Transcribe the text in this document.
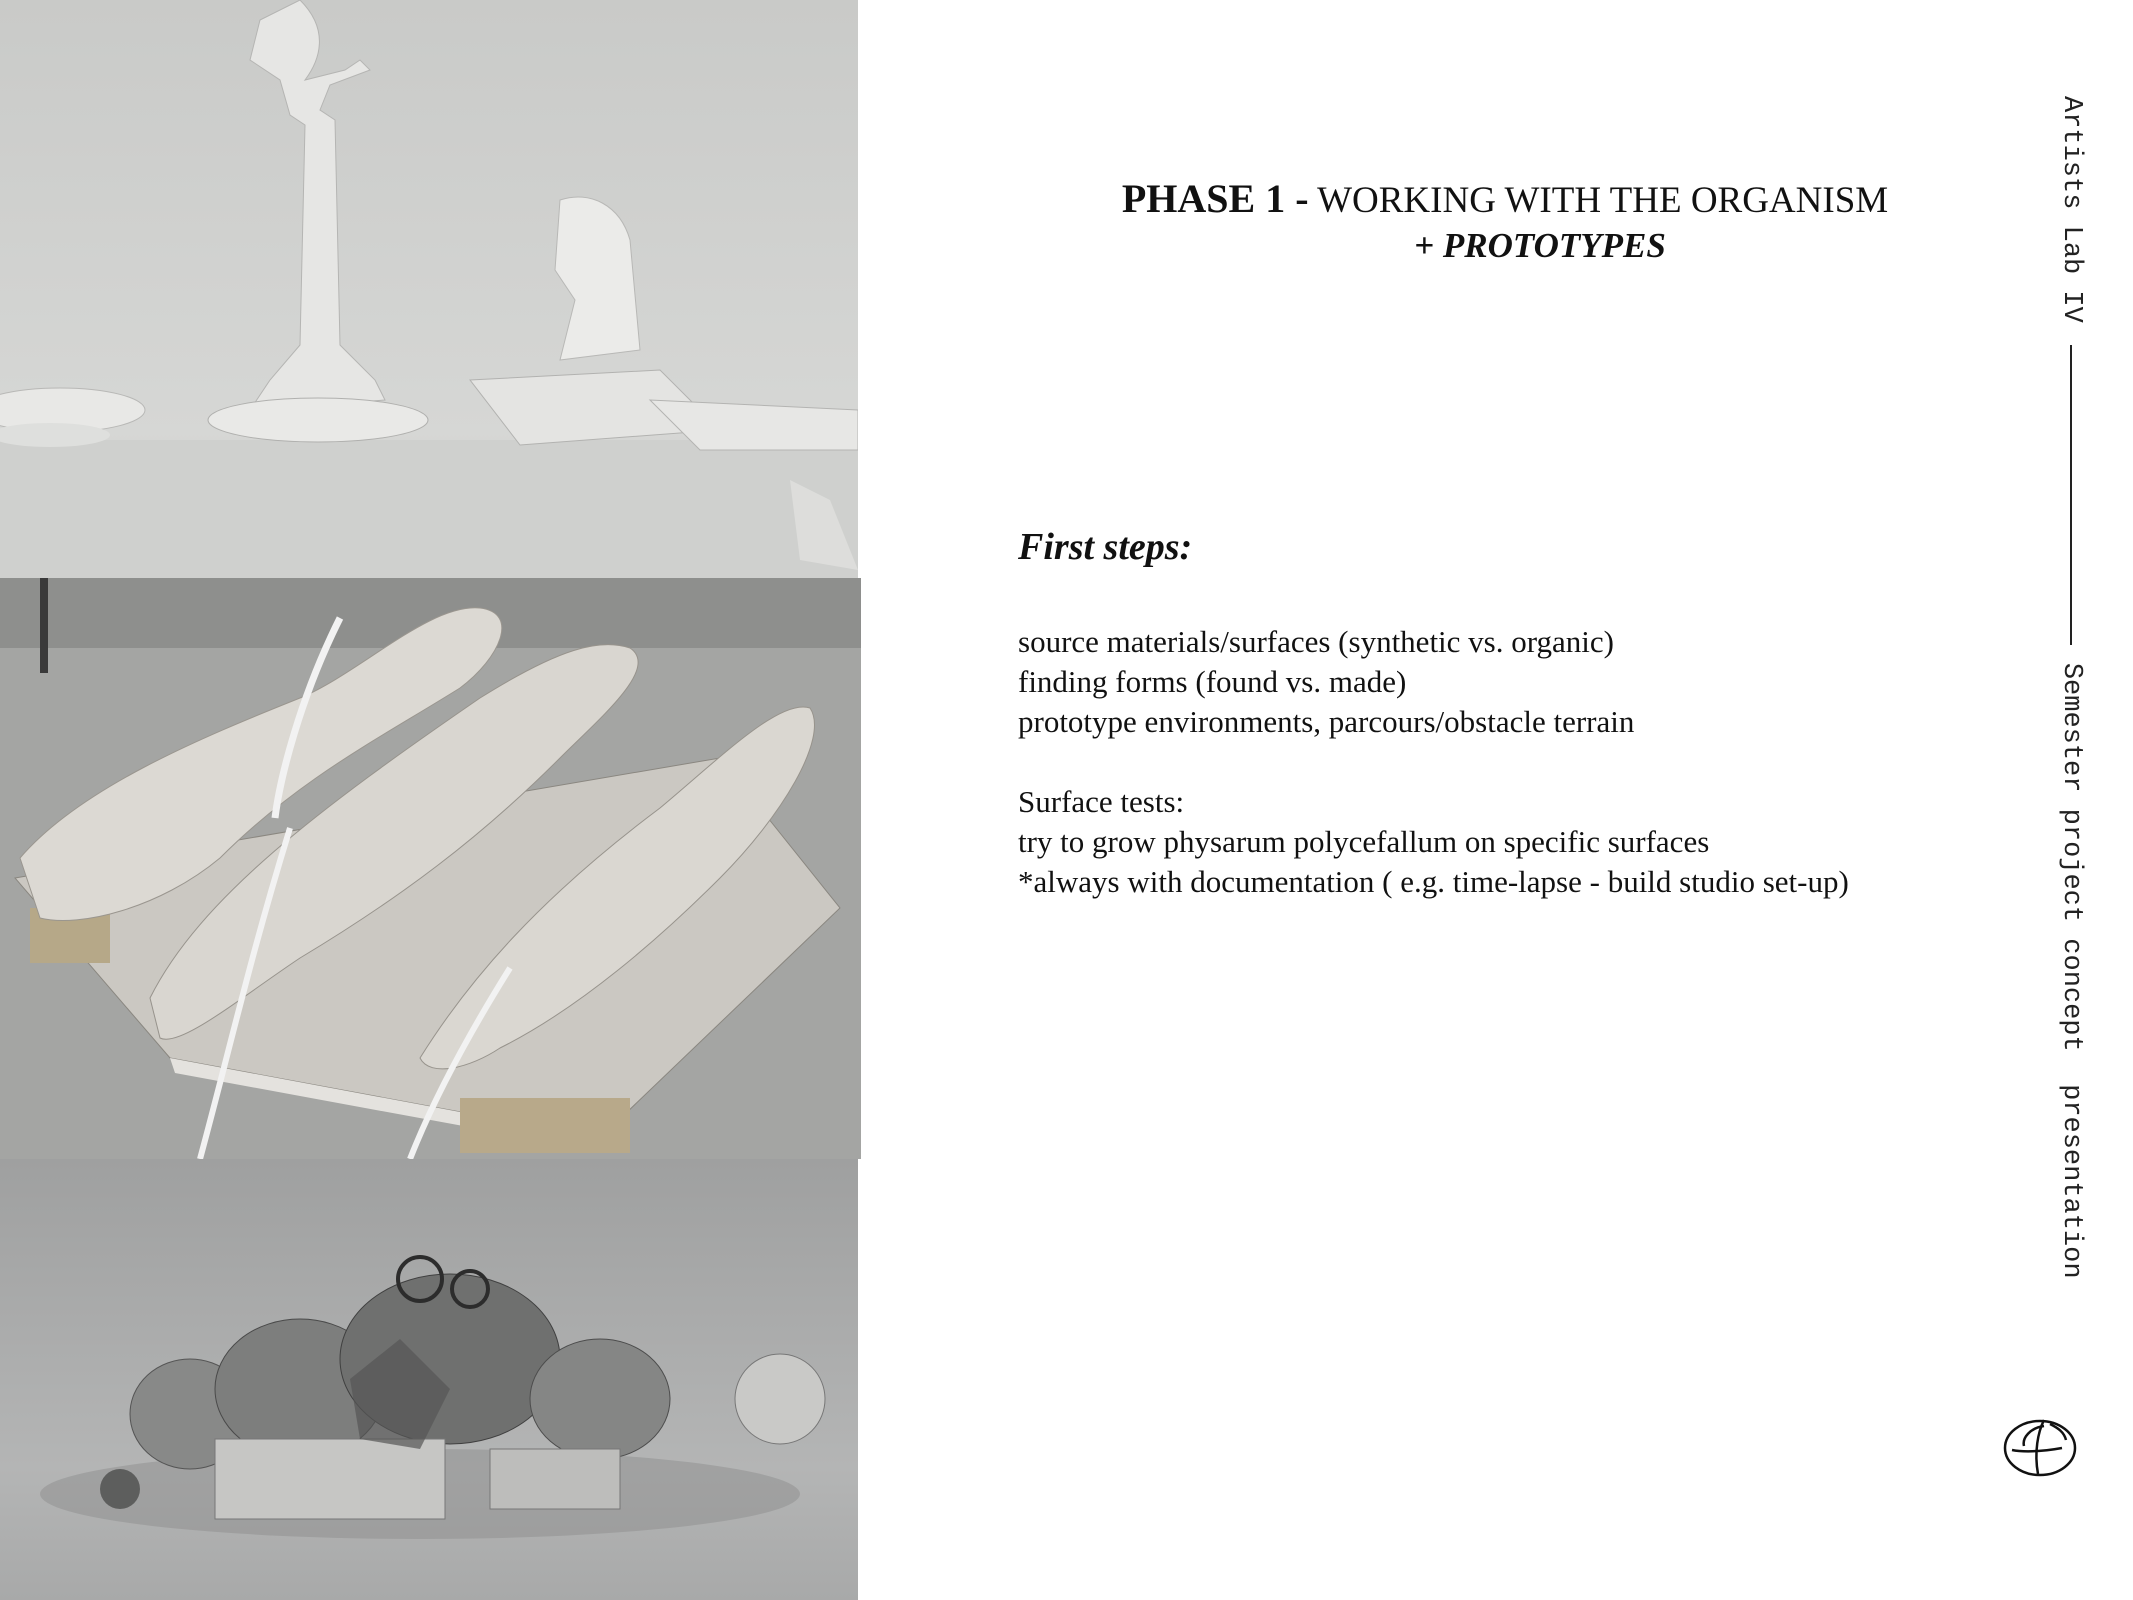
PHASE 1 - WORKING WITH THE ORGANISM
+ PROTOTYPES
First steps:
source materials/surfaces (synthetic vs. organic)
finding forms (found vs. made)
prototype environments, parcours/obstacle terrain
Surface tests:
try to grow physarum polycefallum on specific surfaces
*always with documentation ( e.g. time-lapse - build studio set-up)
Artists Lab IV
Semester project concept  presentation
